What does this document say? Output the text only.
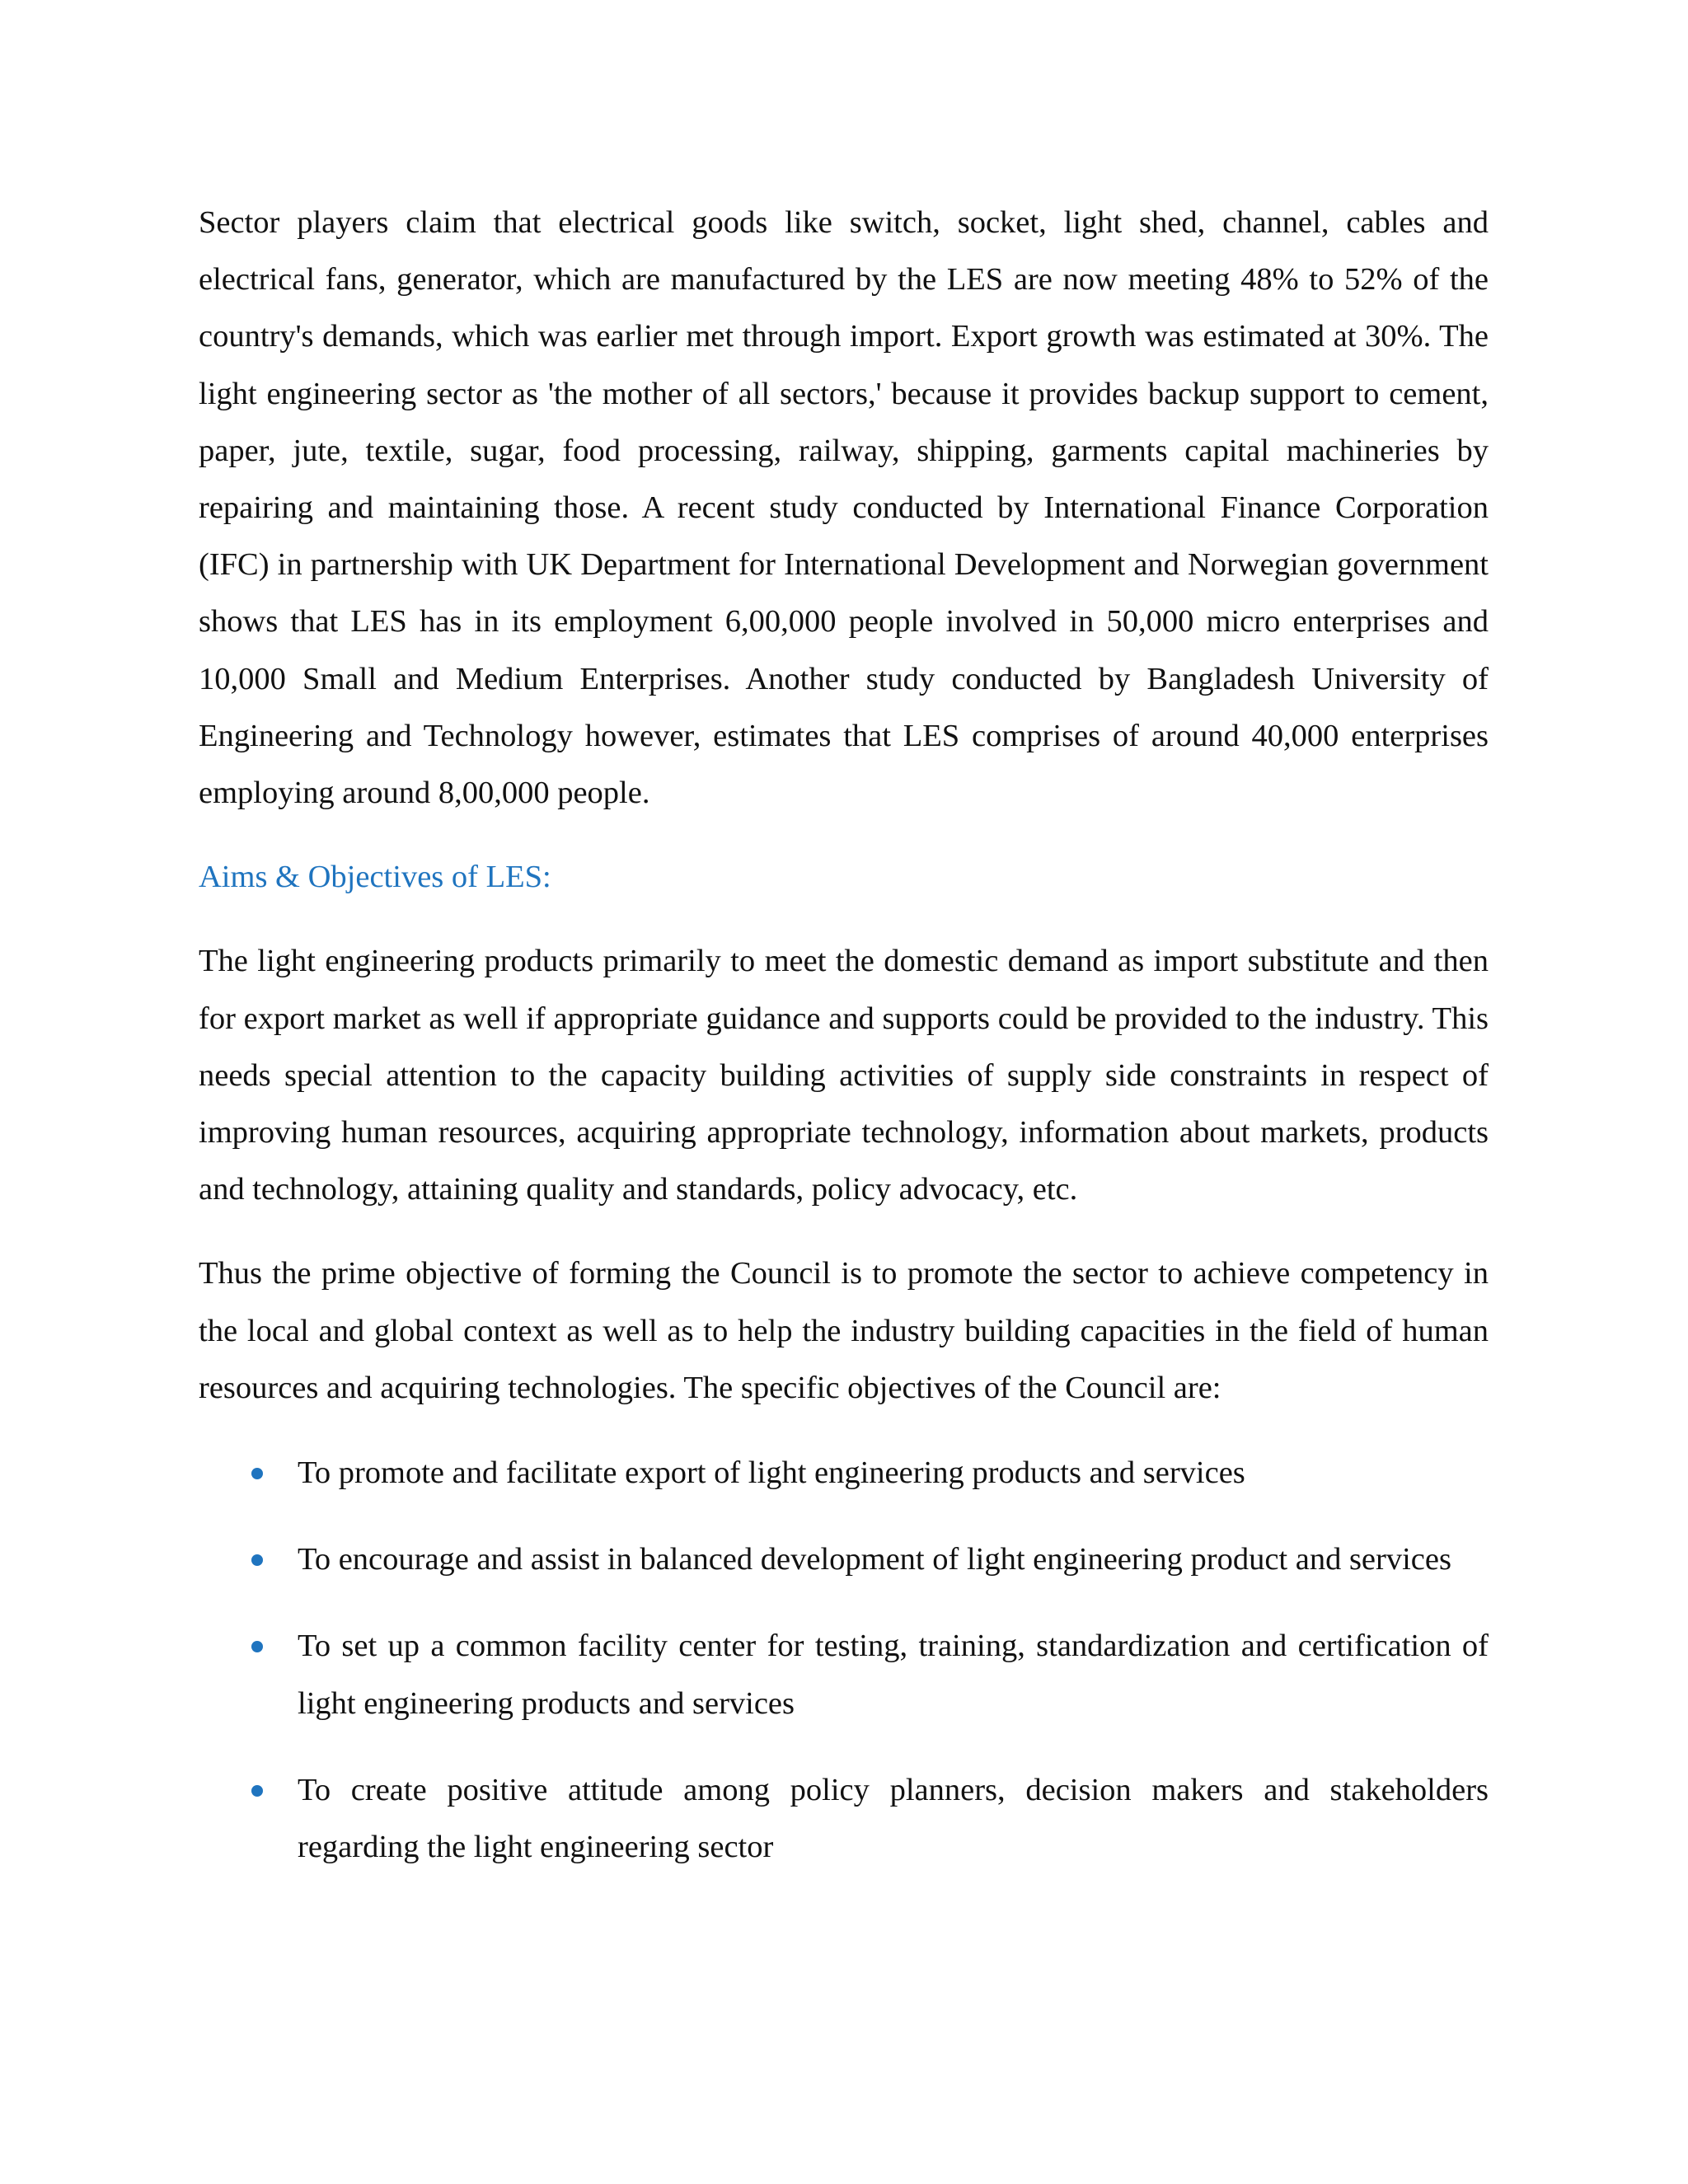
Sector players claim that electrical goods like switch, socket, light shed, channel, cables and electrical fans, generator, which are manufactured by the LES are now meeting 48% to 52% of the country's demands, which was earlier met through import. Export growth was estimated at 30%. The light engineering sector as 'the mother of all sectors,' because it provides backup support to cement, paper, jute, textile, sugar, food processing, railway, shipping, garments capital machineries by repairing and maintaining those. A recent study conducted by International Finance Corporation (IFC) in partnership with UK Department for International Development and Norwegian government shows that LES has in its employment 6,00,000 people involved in 50,000 micro enterprises and 10,000 Small and Medium Enterprises. Another study conducted by Bangladesh University of Engineering and Technology however, estimates that LES comprises of around 40,000 enterprises employing around 8,00,000 people.

Aims & Objectives of LES:

The light engineering products primarily to meet the domestic demand as import substitute and then for export market as well if appropriate guidance and supports could be provided to the industry. This needs special attention to the capacity building activities of supply side constraints in respect of improving human resources, acquiring appropriate technology, information about markets, products and technology, attaining quality and standards, policy advocacy, etc.

Thus the prime objective of forming the Council is to promote the sector to achieve competency in the local and global context as well as to help the industry building capacities in the field of human resources and acquiring technologies. The specific objectives of the Council are:

To promote and facilitate export of light engineering products and services
To encourage and assist in balanced development of light engineering product and services
To set up a common facility center for testing, training, standardization and certification of light engineering products and services
To create positive attitude among policy planners, decision makers and stakeholders regarding the light engineering sector
